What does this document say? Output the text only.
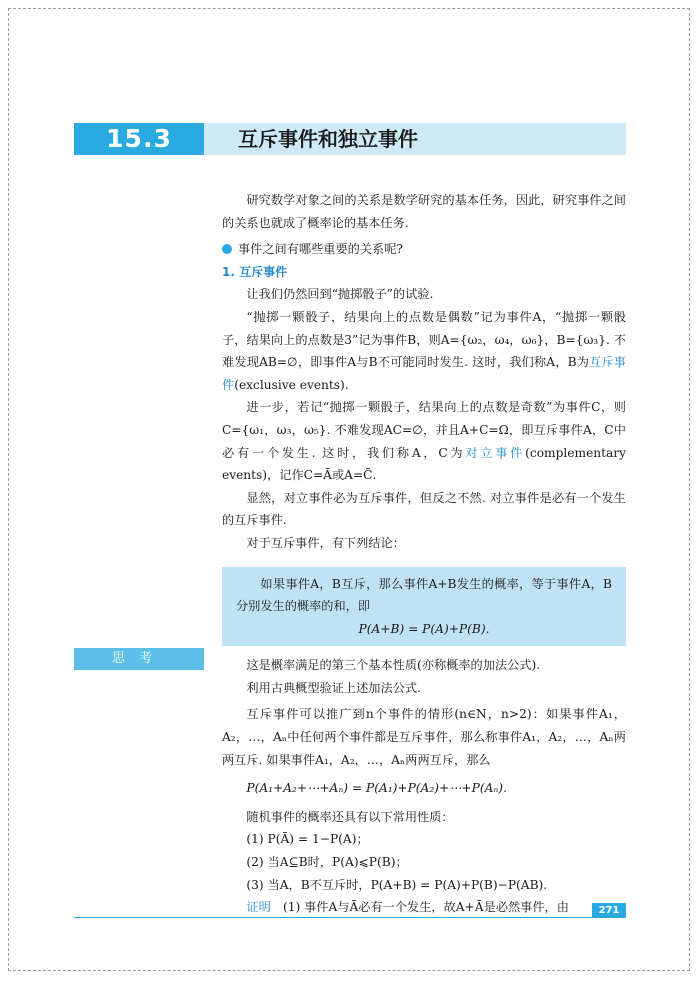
15.3	互斥事件和独立事件
思考

研究数学对象之间的关系是数学研究的基本任务，因此，研究事件之间的关系也就成了概率论的基本任务.

事件之间有哪些重要的关系呢?

1. 互斥事件

让我们仍然回到“抛掷骰子”的试验.

“抛掷一颗骰子，结果向上的点数是偶数”记为事件A，“抛掷一颗骰子，结果向上的点数是3”记为事件B，则A={ω₂，ω₄，ω₆}，B={ω₃}. 不难发现AB=∅，即事件A与B不可能同时发生. 这时，我们称A，B为互斥事件(exclusive events).

进一步，若记“抛掷一颗骰子，结果向上的点数是奇数”为事件C，则C={ω₁，ω₃，ω₅}. 不难发现AC=∅，并且A+C=Ω，即互斥事件A，C中必有一个发生. 这时，我们称A，C为对立事件(complementary events)，记作C=Ā或A=C̄.

显然，对立事件必为互斥事件，但反之不然. 对立事件是必有一个发生的互斥事件.

对于互斥事件，有下列结论：

如果事件A，B互斥，那么事件A+B发生的概率，等于事件A，B分别发生的概率的和，即

P(A+B) = P(A)+P(B).

这是概率满足的第三个基本性质(亦称概率的加法公式).

利用古典概型验证上述加法公式.

互斥事件可以推广到n个事件的情形(n∈N，n>2)：如果事件A₁，A₂，…，Aₙ中任何两个事件都是互斥事件，那么称事件A₁，A₂，…，Aₙ两两互斥. 如果事件A₁，A₂，…，Aₙ两两互斥，那么

P(A₁+A₂+⋯+Aₙ) = P(A₁)+P(A₂)+⋯+P(Aₙ).

随机事件的概率还具有以下常用性质：

(1) P(Ā) = 1−P(A)；

(2) 当A⊆B时，P(A)⩽P(B)；

(3) 当A，B不互斥时，P(A+B) = P(A)+P(B)−P(AB).

证明　 (1) 事件A与Ā必有一个发生，故A+Ā是必然事件，由	271
